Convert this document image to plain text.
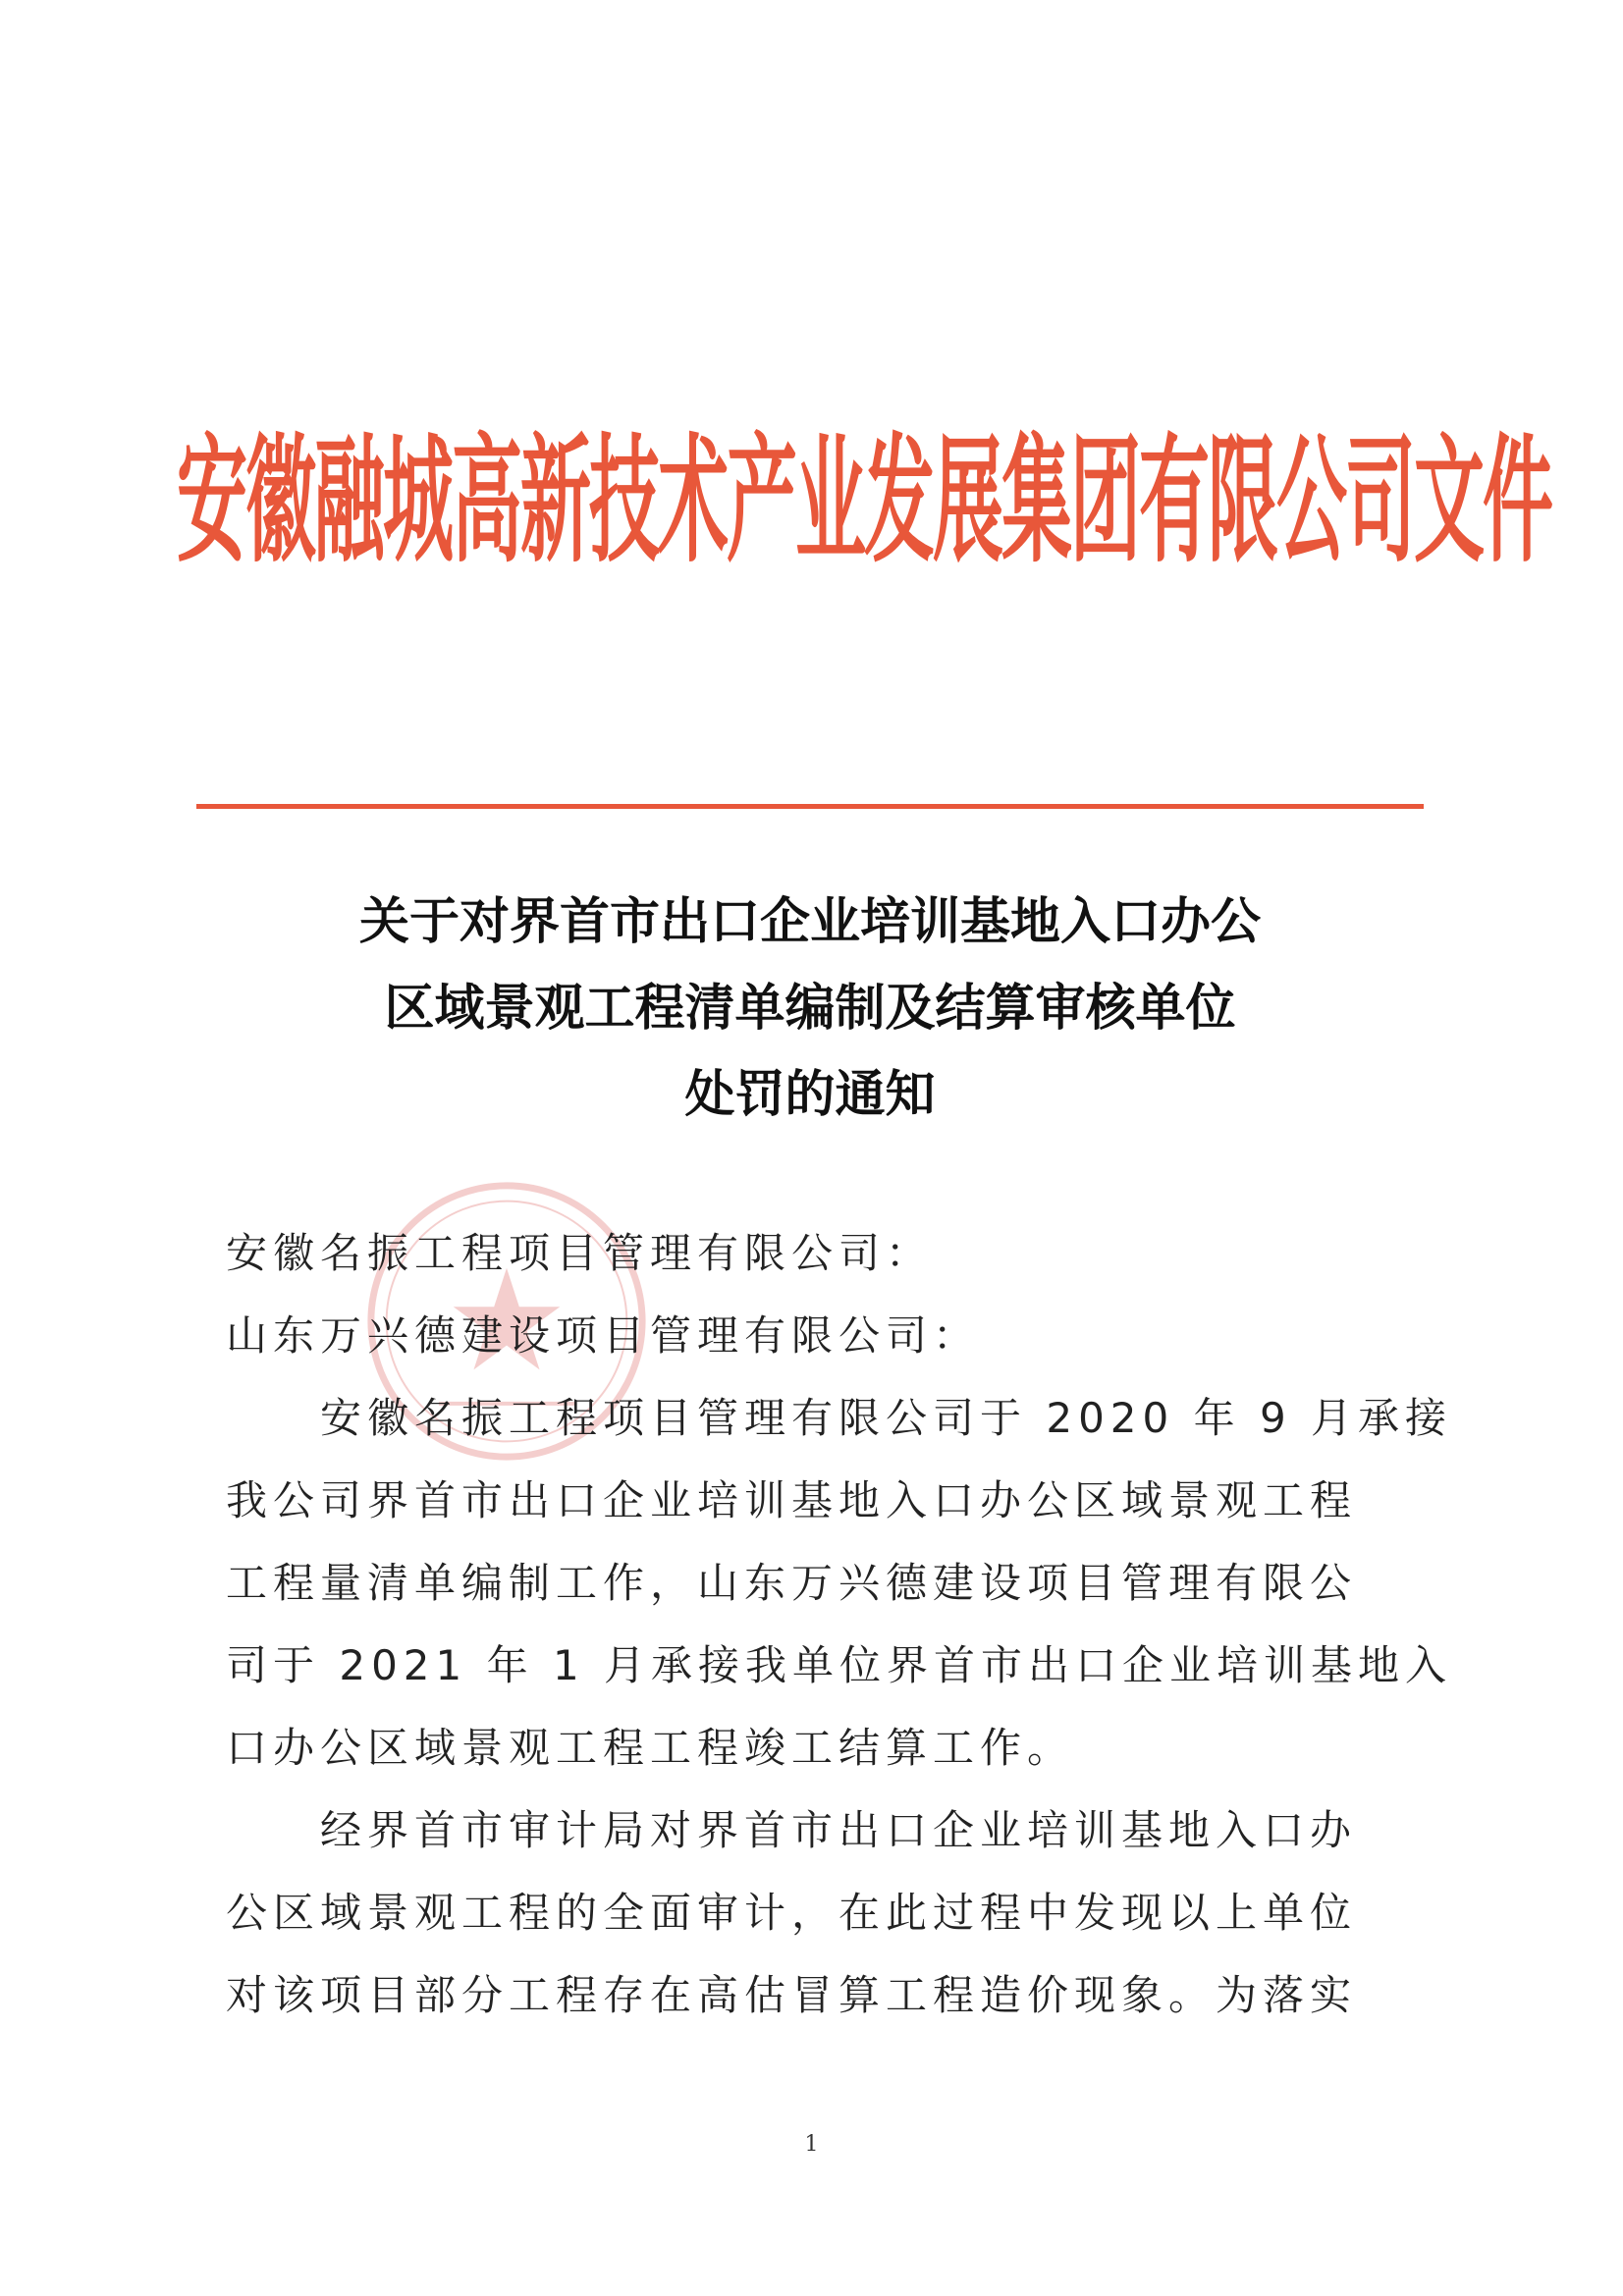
安徽融城高新技术产业发展集团有限公司文件
关于对界首市出口企业培训基地入口办公
区域景观工程清单编制及结算审核单位
处罚的通知

安徽名振工程项目管理有限公司：

山东万兴德建设项目管理有限公司：

安徽名振工程项目管理有限公司于 2020 年 9 月承接
我公司界首市出口企业培训基地入口办公区域景观工程
工程量清单编制工作，山东万兴德建设项目管理有限公
司于 2021 年 1 月承接我单位界首市出口企业培训基地入
口办公区域景观工程工程竣工结算工作。

经界首市审计局对界首市出口企业培训基地入口办
公区域景观工程的全面审计，在此过程中发现以上单位
对该项目部分工程存在高估冒算工程造价现象。为落实

1
